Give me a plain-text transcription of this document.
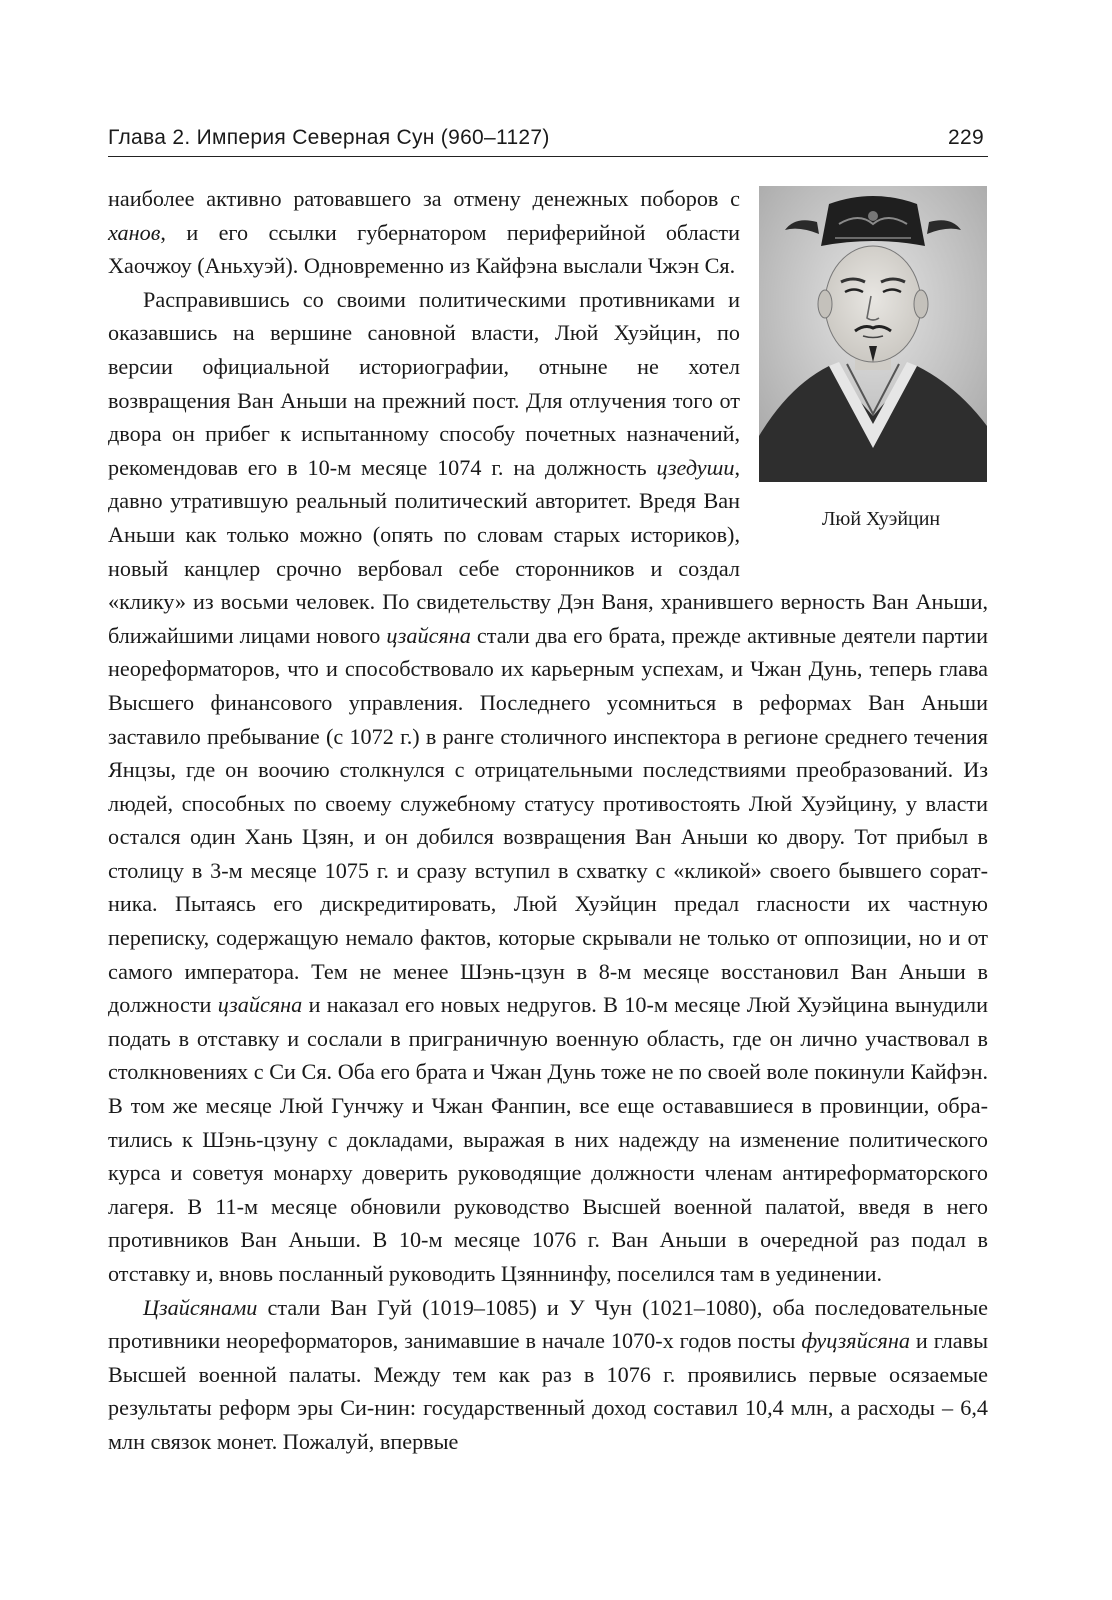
Глава 2. Империя Северная Сун (960–1127)	229
Люй Хуэйцин

наиболее активно ратовавшего за отмену денежных поборов с ханов, и его ссылки губернатором периферийной области Хаочжоу (Аньхуэй). Одновременно из Кайфэна выслали Чжэн Ся.

Расправившись со своими политическими противниками и оказавшись на вершине сановной власти, Люй Хуэйцин, по версии официальной историографии, отныне не хотел возвращения Ван Аньши на прежний пост. Для отлучения того от двора он прибег к испытанному способу почетных назначений, рекомендовав его в 10-м месяце 1074 г. на должность цзедуши, давно утратившую реальный политический авторитет. Вредя Ван Аньши как только можно (опять по словам старых историков), новый канцлер срочно вербовал себе сторонников и создал «клику» из восьми человек. По свидетельству Дэн Ваня, хранившего верность Ван Аньши, ближайшими лицами нового цзайсяна стали два его брата, прежде активные деятели партии неореформаторов, что и способствовало их карьерным успехам, и Чжан Дунь, теперь глава Высшего финансового управления. Последнего усомниться в реформах Ван Аньши заставило пребывание (с 1072 г.) в ранге столичного инспектора в регионе среднего течения Янцзы, где он воочию столкнулся с отрицательными последствиями преобразований. Из людей, способных по своему служебному статусу противостоять Люй Хуэйцину, у власти остался один Хань Цзян, и он добился возвращения Ван Аньши ко двору. Тот прибыл в столицу в 3-м месяце 1075 г. и сразу вступил в схватку с «кликой» своего бывшего соратника. Пытаясь его дискредитировать, Люй Хуэйцин предал гласности их частную переписку, содержащую немало фактов, которые скрывали не только от оппозиции, но и от самого императора. Тем не менее Шэнь-цзун в 8-м месяце восстановил Ван Аньши в должности цзайсяна и наказал его новых недругов. В 10-м месяце Люй Хуэйцина вынудили подать в отставку и сослали в приграничную военную область, где он лично участвовал в столкновениях с Си Ся. Оба его брата и Чжан Дунь тоже не по своей воле покинули Кайфэн. В том же месяце Люй Гунчжу и Чжан Фанпин, все еще остававшиеся в провинции, обратились к Шэнь-цзуну с докладами, выражая в них надежду на изменение политического курса и советуя монарху доверить руководящие должности членам антиреформаторского лагеря. В 11-м месяце обновили руководство Высшей военной палатой, введя в него противников Ван Аньши. В 10-м месяце 1076 г. Ван Аньши в очередной раз подал в отставку и, вновь посланный руководить Цзяннинфу, поселился там в уединении.

Цзайсянами стали Ван Гуй (1019–1085) и У Чун (1021–1080), оба последовательные противники неореформаторов, занимавшие в начале 1070-х годов посты фуцзяйсяна и главы Высшей военной палаты. Между тем как раз в 1076 г. проявились первые осязаемые результаты реформ эры Си-нин: государственный доход составил 10,4 млн, а расходы – 6,4 млн связок монет. Пожалуй, впервые
